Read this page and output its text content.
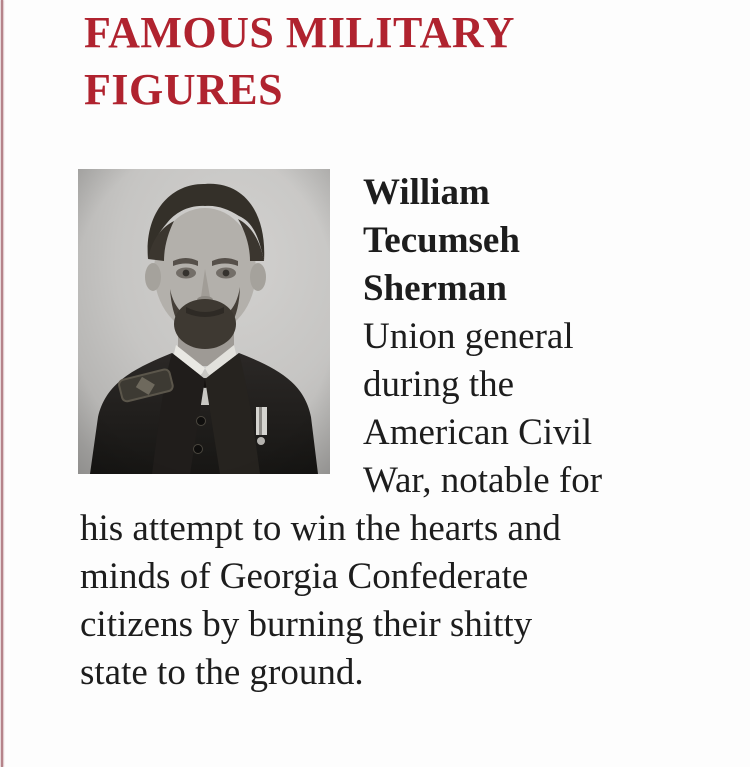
FAMOUS MILITARY
FIGURES
William
Tecumseh
Sherman
Union general
during the
American Civil
War, notable for
his attempt to win the hearts and
minds of Georgia Confederate
citizens by burning their shitty
state to the ground.
